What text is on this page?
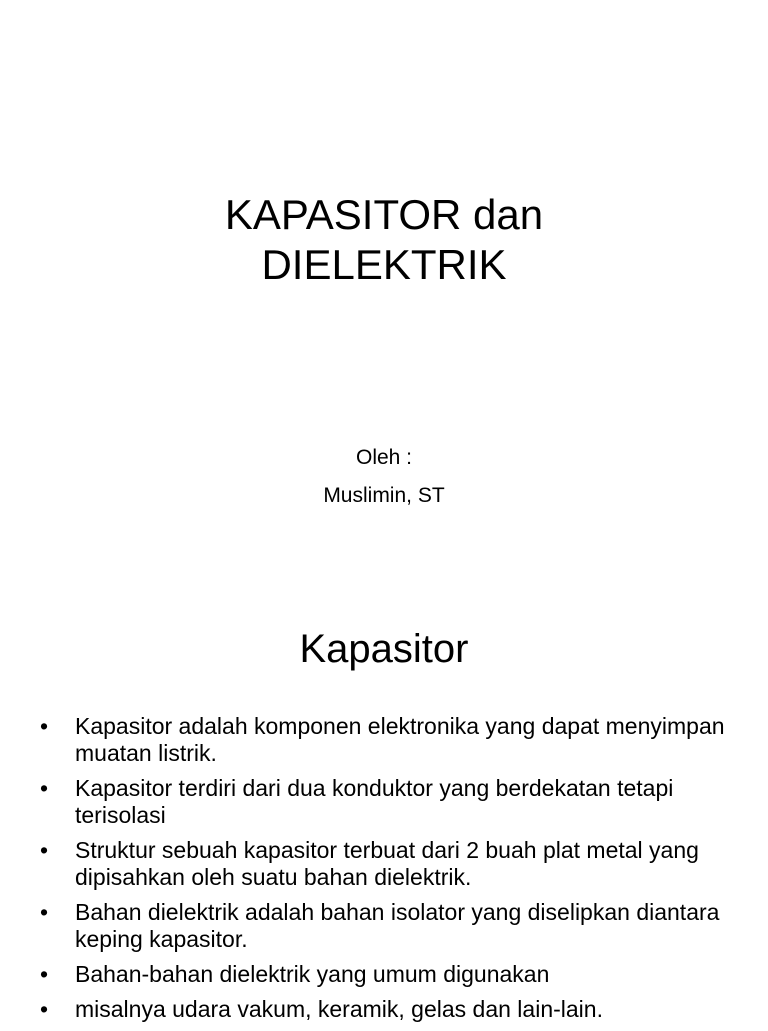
KAPASITOR dan
DIELEKTRIK
Oleh :
Muslimin, ST
Kapasitor
•	Kapasitor adalah komponen elektronika yang dapat menyimpan muatan listrik.
•	Kapasitor terdiri dari dua konduktor yang berdekatan tetapi terisolasi
•	Struktur sebuah kapasitor terbuat dari 2 buah plat metal yang dipisahkan oleh suatu bahan dielektrik.
•	Bahan dielektrik adalah bahan isolator yang diselipkan diantara keping kapasitor.
•	Bahan-bahan dielektrik yang umum digunakan
•	misalnya udara vakum, keramik, gelas dan lain-lain.
